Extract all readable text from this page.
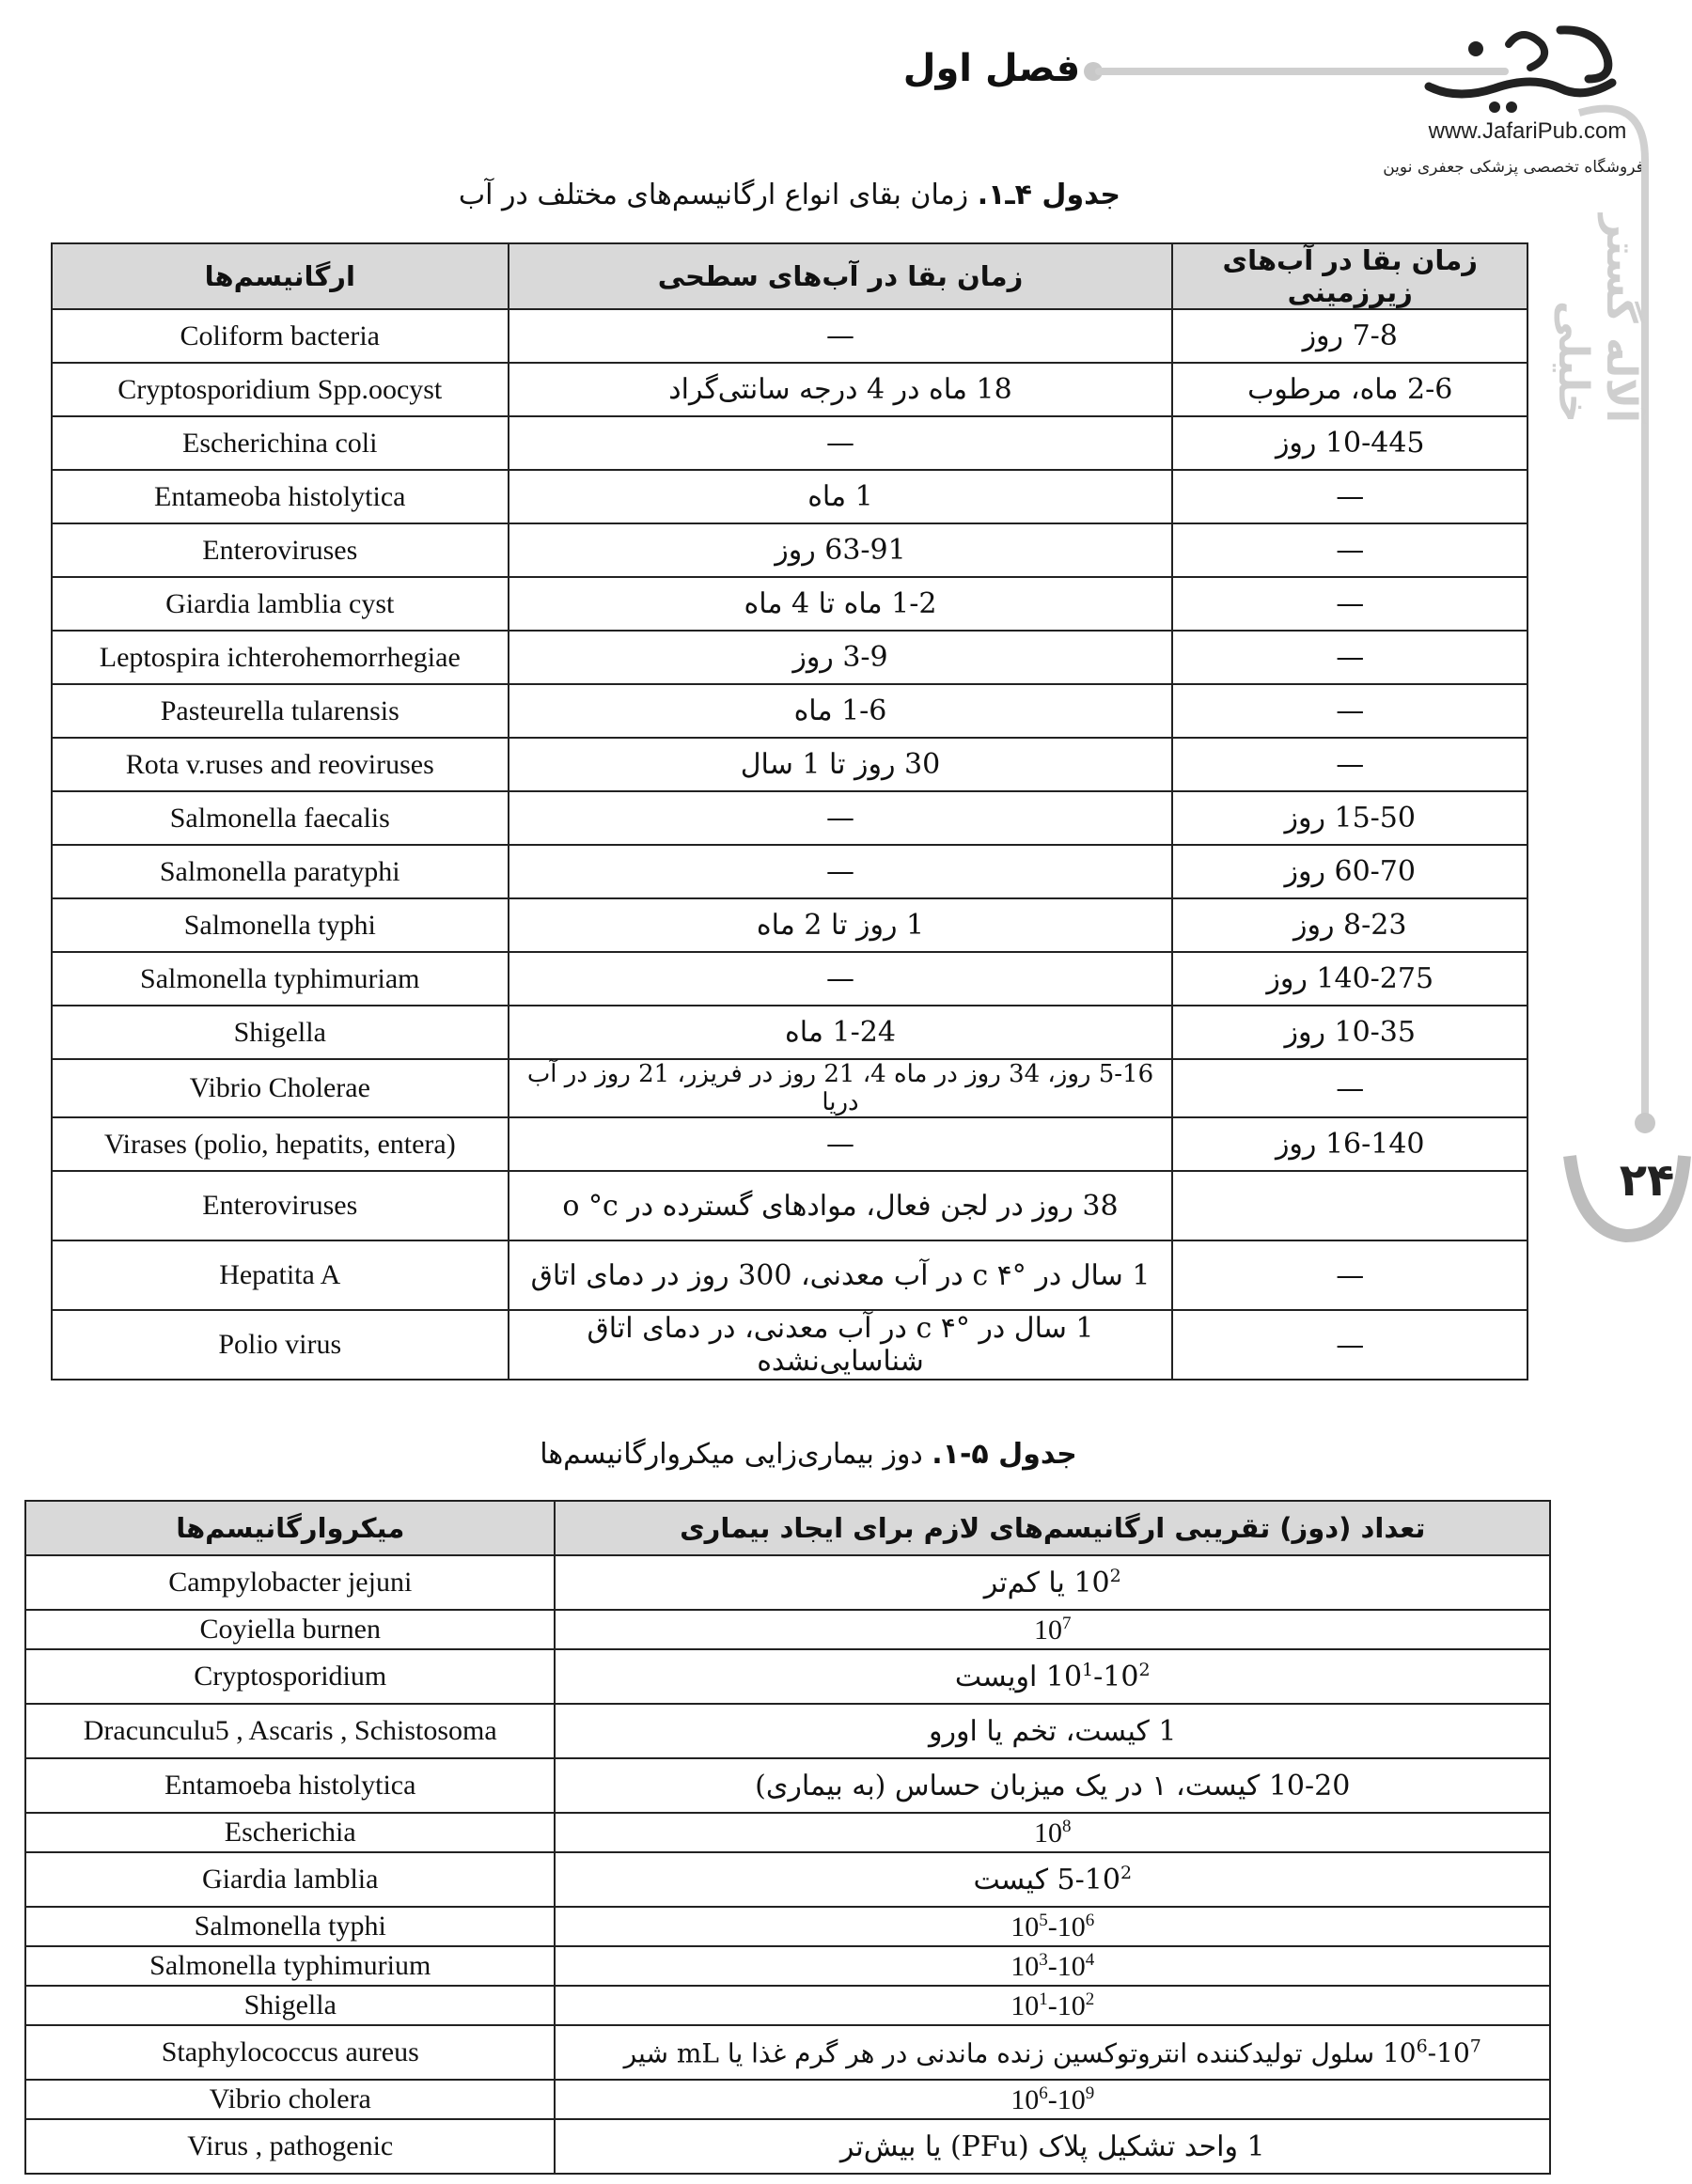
فصل اول
www.JafariPub.com
فروشگاه تخصصی پزشکی جعفری نوین
آلاله گستر خلیلی
۲۴
جدول ۴ـ۱. زمان بقای انواع ارگانیسم‌های مختلف در آب
ارگانیسم‌ها	زمان بقا در آب‌های سطحی	زمان بقا در آب‌های زیرزمینی
Coliform bacteria	—	7-8 روز
Cryptosporidium Spp.oocyst	18 ماه در 4 درجه سانتی‌گراد	2-6 ماه، مرطوب
Escherichina coli	—	10-445 روز
Entameoba histolytica	1 ماه	—
Enteroviruses	63-91 روز	—
Giardia lamblia cyst	1-2 ماه تا 4 ماه	—
Leptospira ichterohemorrhegiae	3-9 روز	—
Pasteurella tularensis	1-6 ماه	—
Rota v.ruses and reoviruses	30 روز تا 1 سال	—
Salmonella faecalis	—	15-50 روز
Salmonella paratyphi	—	60-70 روز
Salmonella typhi	1 روز تا 2 ماه	8-23 روز
Salmonella typhimuriam	—	140-275 روز
Shigella	1-24 ماه	10-35 روز
Vibrio Cholerae	5-16 روز، 34 روز در ماه 4، 21 روز در فریزر، 21 روز در آب دریا	—
Virases (polio, hepatits, entera)	—	16-140 روز
Enteroviruses	38 روز در لجن فعال، موادهای گسترده در o °c	
Hepatita A	1 سال در °c ۴ در آب معدنی، 300 روز در دمای اتاق	—
Polio virus	1 سال در °c ۴ در آب معدنی، در دمای اتاق شناسایی‌نشده	—
جدول ۵-۱. دوز بیماری‌زایی میکروارگانیسم‌ها
میکروارگانیسم‌ها	تعداد (دوز) تقریبی ارگانیسم‌های لازم برای ایجاد بیماری
Campylobacter jejuni	$10^2$ یا کم‌تر
Coyiella burnen	$10^7$
Cryptosporidium	$10^1-10^2$ اویست
Dracunculu5 , Ascaris , Schistosoma	1 کیست، تخم یا اورو
Entamoeba histolytica	10-20 کیست، ۱ در یک میزبان حساس (به بیماری)
Escherichia	$10^8$
Giardia lamblia	$5-10^2$ کیست
Salmonella typhi	$10^5-10^6$
Salmonella typhimurium	$10^3-10^4$
Shigella	$10^1-10^2$
Staphylococcus aureus	$10^6-10^7$ سلول تولیدکننده انتروتوکسین زنده ماندنی در هر گرم غذا یا mL شیر
Vibrio cholera	$10^6-10^9$
Virus , pathogenic	1 واحد تشکیل پلاک (PFu) یا بیش‌تر
